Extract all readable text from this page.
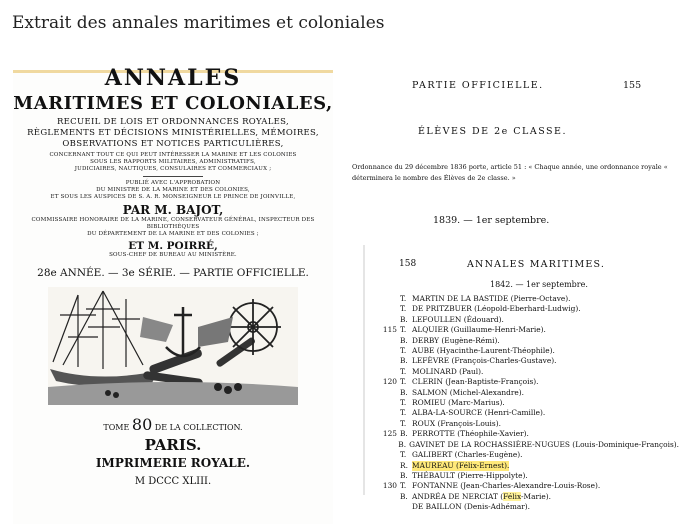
Extrait des annales maritimes et coloniales
ANNALES
MARITIMES ET COLONIALES,
RECUEIL DE LOIS ET ORDONNANCES ROYALES,
RÈGLEMENTS ET DÉCISIONS MINISTÉRIELLES, MÉMOIRES,
OBSERVATIONS ET NOTICES PARTICULIÈRES,
CONCERNANT TOUT CE QUI PEUT INTÉRESSER LA MARINE ET LES COLONIES
SOUS LES RAPPORTS MILITAIRES, ADMINISTRATIFS,
JUDICIAIRES, NAUTIQUES, CONSULAIRES ET COMMERCIAUX ;
PUBLIÉ AVEC L'APPROBATION
DU MINISTRE DE LA MARINE ET DES COLONIES,
ET SOUS LES AUSPICES DE S. A. R. MONSEIGNEUR LE PRINCE DE JOINVILLE,
PAR M. BAJOT,
COMMISSAIRE HONORAIRE DE LA MARINE, CONSERVATEUR GÉNÉRAL, INSPECTEUR DES BIBLIOTHÈQUES
DU DÉPARTEMENT DE LA MARINE ET DES COLONIES ;
ET M. POIRRÉ,
SOUS-CHEF DE BUREAU AU MINISTÈRE.
28e ANNÉE. — 3e SÉRIE. — PARTIE OFFICIELLE.
TOME 80 DE LA COLLECTION.
PARIS.
IMPRIMERIE ROYALE.
M DCCC XLIII.
PARTIE OFFICIELLE.	155
ÉLÈVES DE 2e CLASSE.
Ordonnance du 29 décembre 1836 porte, article 51 : « Chaque année, une ordonnance royale « déterminera le nombre des Élèves de 2e classe. »
1839. — 1er septembre.
158	ANNALES MARITIMES.
1842. — 1er septembre.
T. MARTIN DE LA BASTIDE (Pierre-Octave).
T. DE PRITZBUER (Léopold-Eberhard-Ludwig).
B. LEFOULLEN (Édouard).
115 T. ALQUIER (Guillaume-Henri-Marie).
B. DERBY (Eugène-Rémi).
T. AUBE (Hyacinthe-Laurent-Théophile).
B. LEFÈVRE (François-Charles-Gustave).
T. MOLINARD (Paul).
120 T. CLERIN (Jean-Baptiste-François).
B. SALMON (Michel-Alexandre).
T. ROMIEU (Marc-Marius).
T. ALBA-LA-SOURCE (Henri-Camille).
T. ROUX (François-Louis).
125 B. PERROTTE (Théophile-Xavier).
B. GAVINET DE LA ROCHASSIÈRE-NUGUES (Louis-Dominique-François).
T. GALIBERT (Charles-Eugène).
R. MAUREAU (Félix-Ernest).
B. THÉBAULT (Pierre-Hippolyte).
130 T. FONTANNE (Jean-Charles-Alexandre-Louis-Rose).
B. ANDRÉA DE NERCIAT (Félix-Marie).
DE BAILLON (Denis-Adhémar).
